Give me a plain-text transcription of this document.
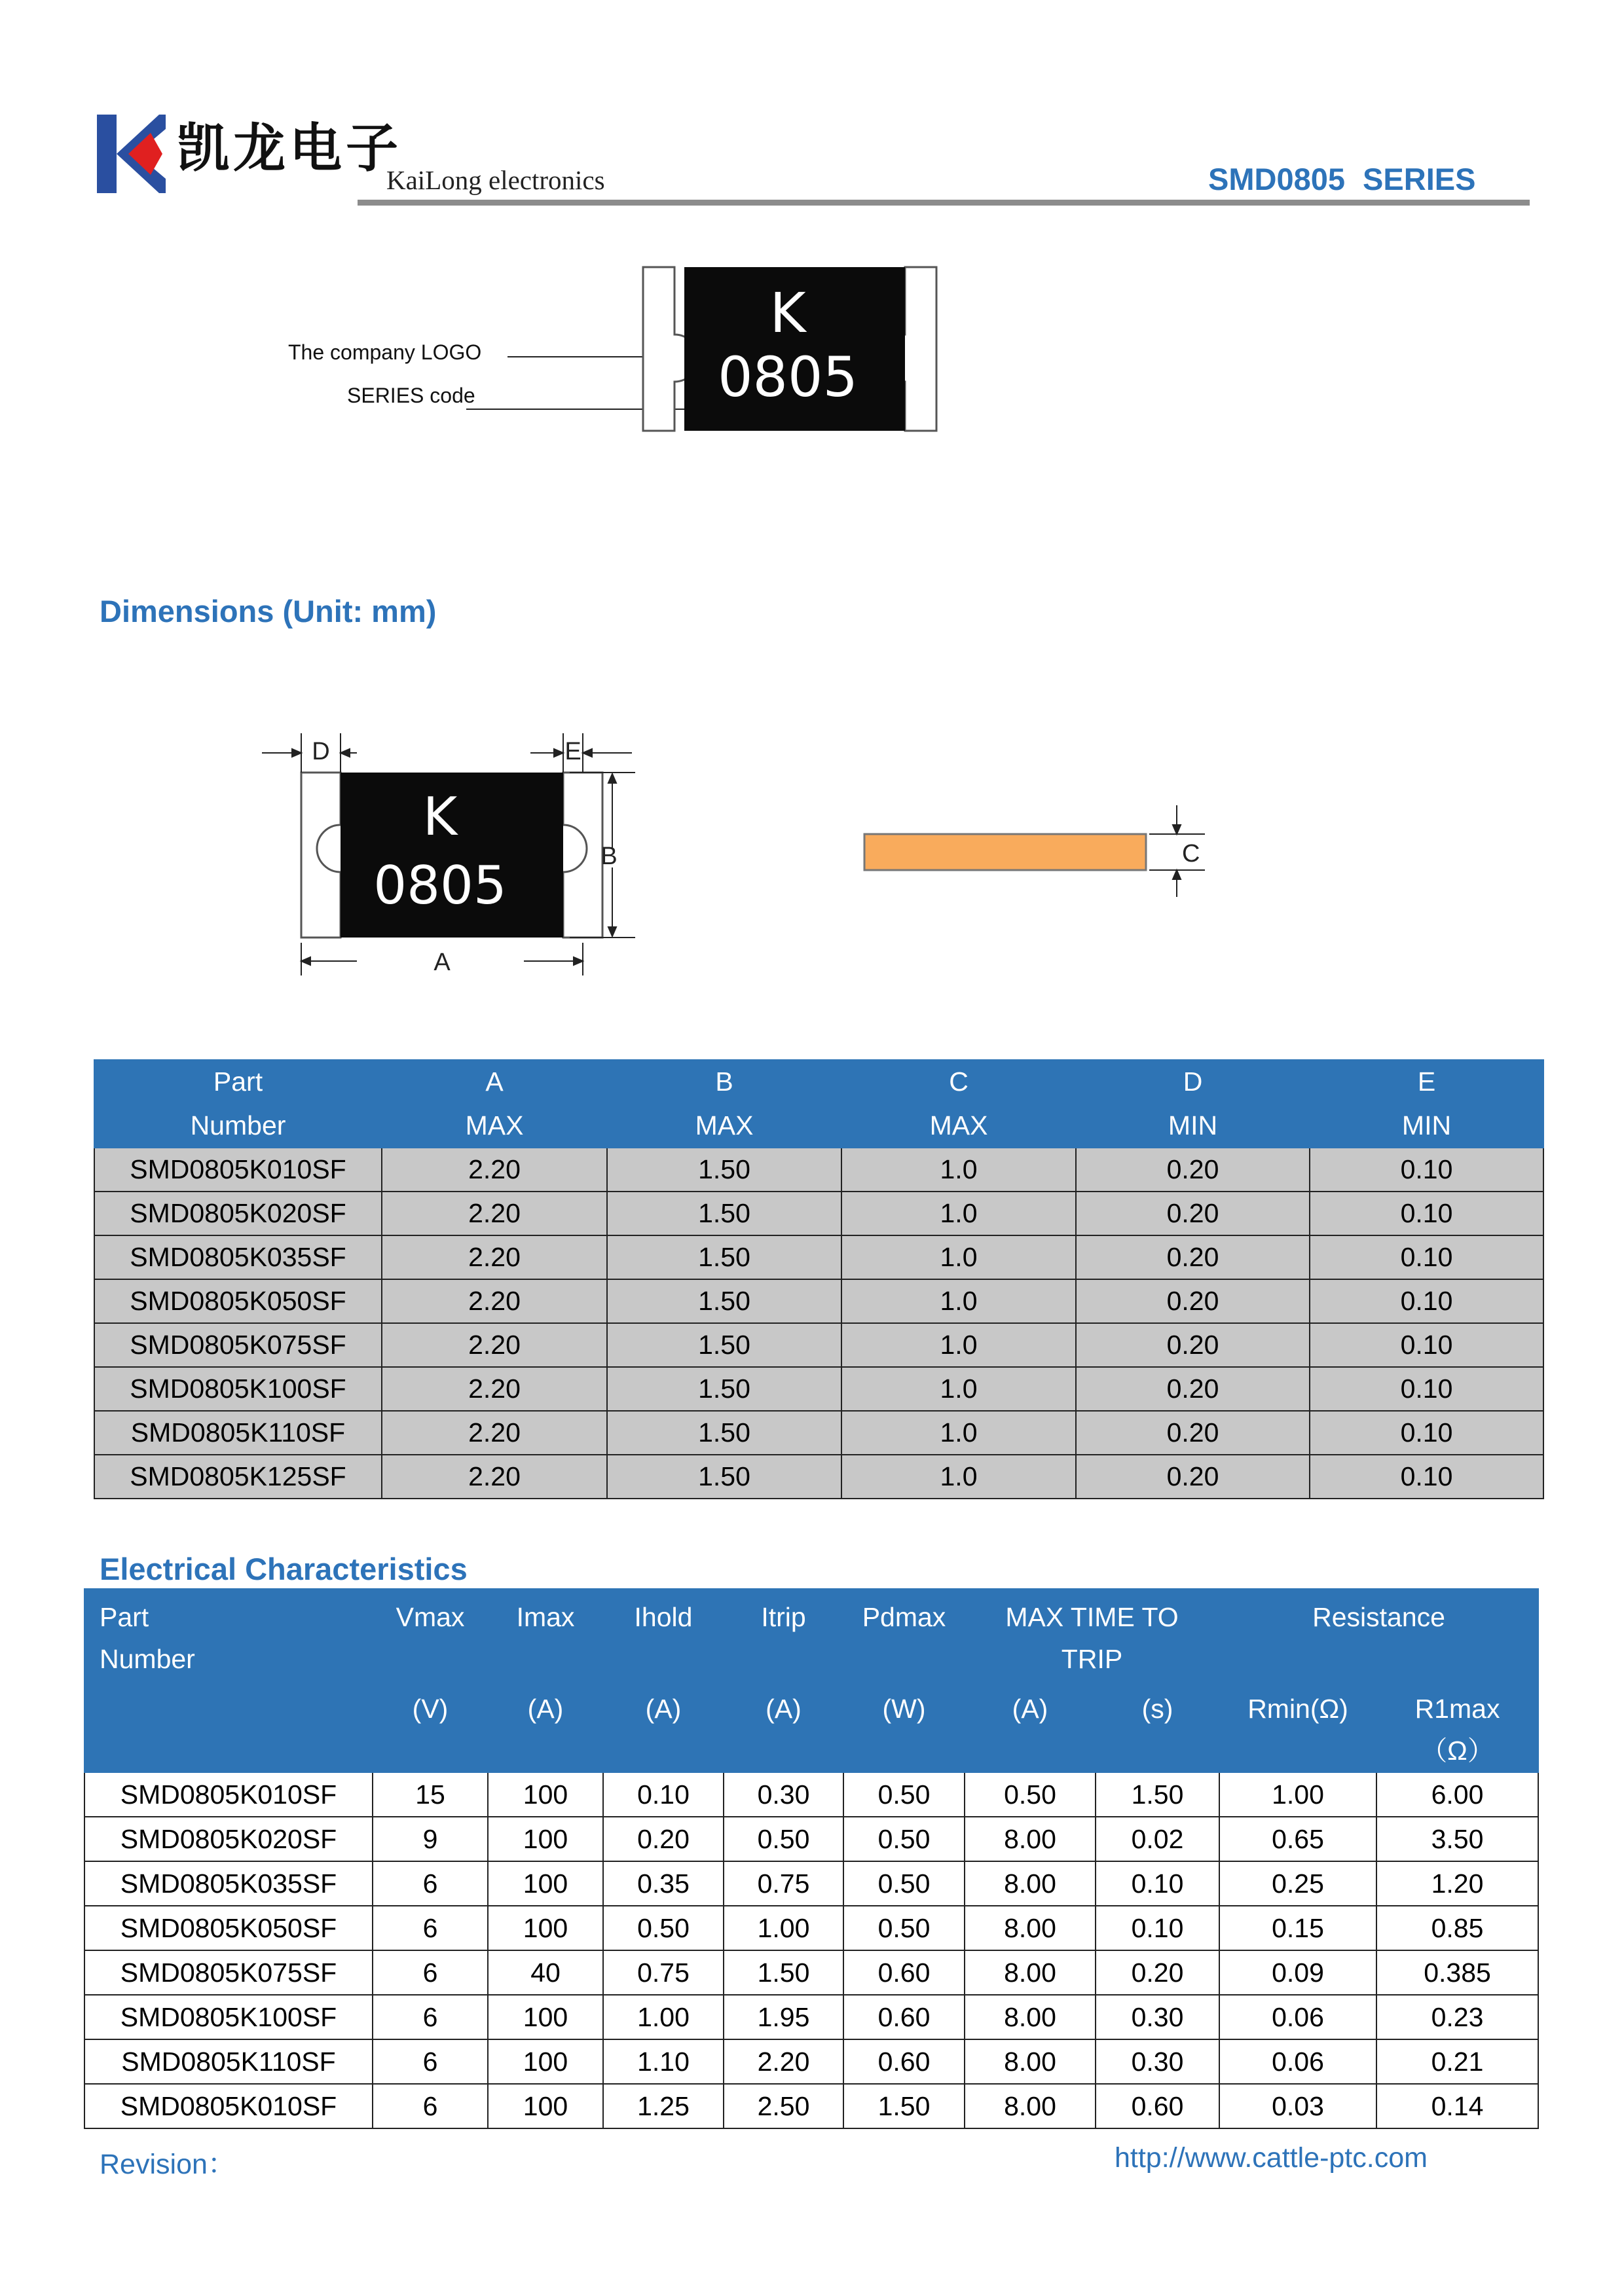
凯龙电子
KaiLong electronics	SMD0805 SERIES
The company LOGO
SERIES code
K
0805
Dimensions (Unit: mm)
K
0805
D	E
B
A
C
Part	A	B	C	D	E
Number	MAX	MAX	MAX	MIN	MIN
SMD0805K010SF	2.20	1.50	1.0	0.20	0.10
SMD0805K020SF	2.20	1.50	1.0	0.20	0.10
SMD0805K035SF	2.20	1.50	1.0	0.20	0.10
SMD0805K050SF	2.20	1.50	1.0	0.20	0.10
SMD0805K075SF	2.20	1.50	1.0	0.20	0.10
SMD0805K100SF	2.20	1.50	1.0	0.20	0.10
SMD0805K110SF	2.20	1.50	1.0	0.20	0.10
SMD0805K125SF	2.20	1.50	1.0	0.20	0.10
Electrical Characteristics
Part
Number	Vmax	Imax	Ihold	Itrip	Pdmax	MAX TIME TO TRIP		Resistance	
	(V)	(A)	(A)	(A)	(W)	(A)	(s)	Rmin(Ω)	R1max
（Ω）
SMD0805K010SF	15	100	0.10	0.30	0.50	0.50	1.50	1.00	6.00
SMD0805K020SF	9	100	0.20	0.50	0.50	8.00	0.02	0.65	3.50
SMD0805K035SF	6	100	0.35	0.75	0.50	8.00	0.10	0.25	1.20
SMD0805K050SF	6	100	0.50	1.00	0.50	8.00	0.10	0.15	0.85
SMD0805K075SF	6	40	0.75	1.50	0.60	8.00	0.20	0.09	0.385
SMD0805K100SF	6	100	1.00	1.95	0.60	8.00	0.30	0.06	0.23
SMD0805K110SF	6	100	1.10	2.20	0.60	8.00	0.30	0.06	0.21
SMD0805K010SF	6	100	1.25	2.50	1.50	8.00	0.60	0.03	0.14
Revision：	http://www.cattle-ptc.com
